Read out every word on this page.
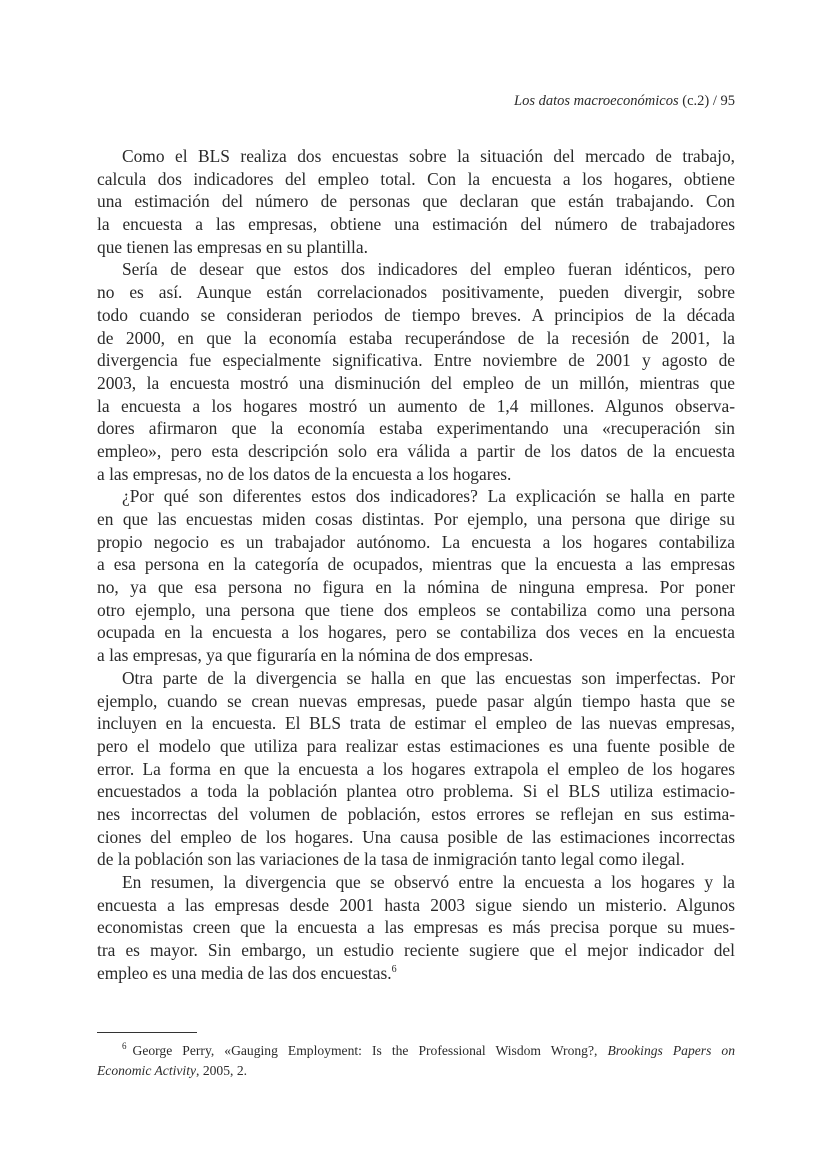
Los datos macroeconómicos (c.2) / 95
Como el BLS realiza dos encuestas sobre la situación del mercado de trabajo,
calcula dos indicadores del empleo total. Con la encuesta a los hogares, obtiene
una estimación del número de personas que declaran que están trabajando. Con
la encuesta a las empresas, obtiene una estimación del número de trabajadores
que tienen las empresas en su plantilla.
Sería de desear que estos dos indicadores del empleo fueran idénticos, pero
no es así. Aunque están correlacionados positivamente, pueden divergir, sobre
todo cuando se consideran periodos de tiempo breves. A principios de la década
de 2000, en que la economía estaba recuperándose de la recesión de 2001, la
divergencia fue especialmente significativa. Entre noviembre de 2001 y agosto de
2003, la encuesta mostró una disminución del empleo de un millón, mientras que
la encuesta a los hogares mostró un aumento de 1,4 millones. Algunos observa-
dores afirmaron que la economía estaba experimentando una «recuperación sin
empleo», pero esta descripción solo era válida a partir de los datos de la encuesta
a las empresas, no de los datos de la encuesta a los hogares.
¿Por qué son diferentes estos dos indicadores? La explicación se halla en parte
en que las encuestas miden cosas distintas. Por ejemplo, una persona que dirige su
propio negocio es un trabajador autónomo. La encuesta a los hogares contabiliza
a esa persona en la categoría de ocupados, mientras que la encuesta a las empresas
no, ya que esa persona no figura en la nómina de ninguna empresa. Por poner
otro ejemplo, una persona que tiene dos empleos se contabiliza como una persona
ocupada en la encuesta a los hogares, pero se contabiliza dos veces en la encuesta
a las empresas, ya que figuraría en la nómina de dos empresas.
Otra parte de la divergencia se halla en que las encuestas son imperfectas. Por
ejemplo, cuando se crean nuevas empresas, puede pasar algún tiempo hasta que se
incluyen en la encuesta. El BLS trata de estimar el empleo de las nuevas empresas,
pero el modelo que utiliza para realizar estas estimaciones es una fuente posible de
error. La forma en que la encuesta a los hogares extrapola el empleo de los hogares
encuestados a toda la población plantea otro problema. Si el BLS utiliza estimacio-
nes incorrectas del volumen de población, estos errores se reflejan en sus estima-
ciones del empleo de los hogares. Una causa posible de las estimaciones incorrectas
de la población son las variaciones de la tasa de inmigración tanto legal como ilegal.
En resumen, la divergencia que se observó entre la encuesta a los hogares y la
encuesta a las empresas desde 2001 hasta 2003 sigue siendo un misterio. Algunos
economistas creen que la encuesta a las empresas es más precisa porque su mues-
tra es mayor. Sin embargo, un estudio reciente sugiere que el mejor indicador del
empleo es una media de las dos encuestas.$^6$
$^6$ George Perry, «Gauging Employment: Is the Professional Wisdom Wrong?, Brookings Papers on
Economic Activity, 2005, 2.
